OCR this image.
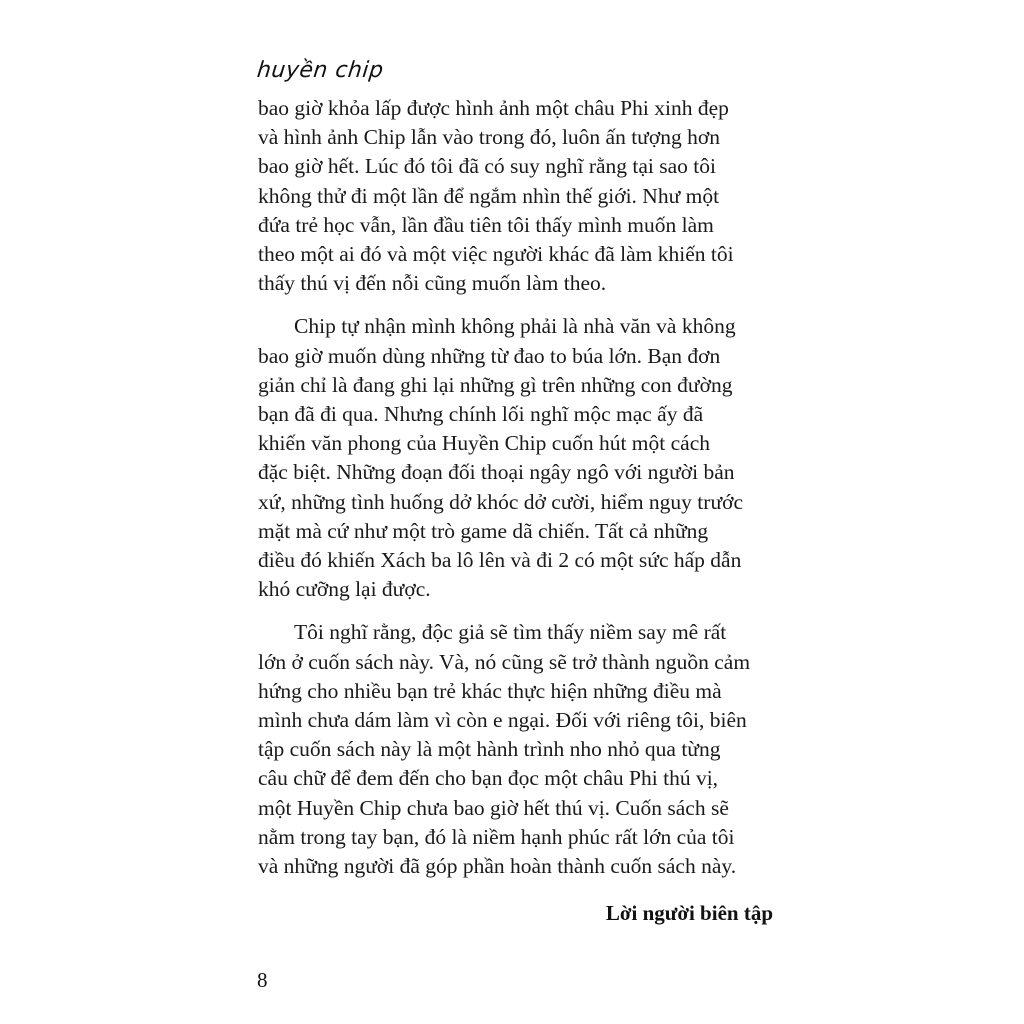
huyền chip
bao giờ khỏa lấp được hình ảnh một châu Phi xinh đẹp
và hình ảnh Chip lẫn vào trong đó, luôn ấn tượng hơn
bao giờ hết. Lúc đó tôi đã có suy nghĩ rằng tại sao tôi
không thử đi một lần để ngắm nhìn thế giới. Như một
đứa trẻ học vẫn, lần đầu tiên tôi thấy mình muốn làm
theo một ai đó và một việc người khác đã làm khiến tôi
thấy thú vị đến nỗi cũng muốn làm theo.
Chip tự nhận mình không phải là nhà văn và không
bao giờ muốn dùng những từ đao to búa lớn. Bạn đơn
giản chỉ là đang ghi lại những gì trên những con đường
bạn đã đi qua. Nhưng chính lối nghĩ mộc mạc ấy đã
khiến văn phong của Huyền Chip cuốn hút một cách
đặc biệt. Những đoạn đối thoại ngây ngô với người bản
xứ, những tình huống dở khóc dở cười, hiểm nguy trước
mặt mà cứ như một trò game dã chiến. Tất cả những
điều đó khiến Xách ba lô lên và đi 2 có một sức hấp dẫn
khó cưỡng lại được.
Tôi nghĩ rằng, độc giả sẽ tìm thấy niềm say mê rất
lớn ở cuốn sách này. Và, nó cũng sẽ trở thành nguồn cảm
hứng cho nhiều bạn trẻ khác thực hiện những điều mà
mình chưa dám làm vì còn e ngại. Đối với riêng tôi, biên
tập cuốn sách này là một hành trình nho nhỏ qua từng
câu chữ để đem đến cho bạn đọc một châu Phi thú vị,
một Huyền Chip chưa bao giờ hết thú vị. Cuốn sách sẽ
nằm trong tay bạn, đó là niềm hạnh phúc rất lớn của tôi
và những người đã góp phần hoàn thành cuốn sách này.
Lời người biên tập
8
